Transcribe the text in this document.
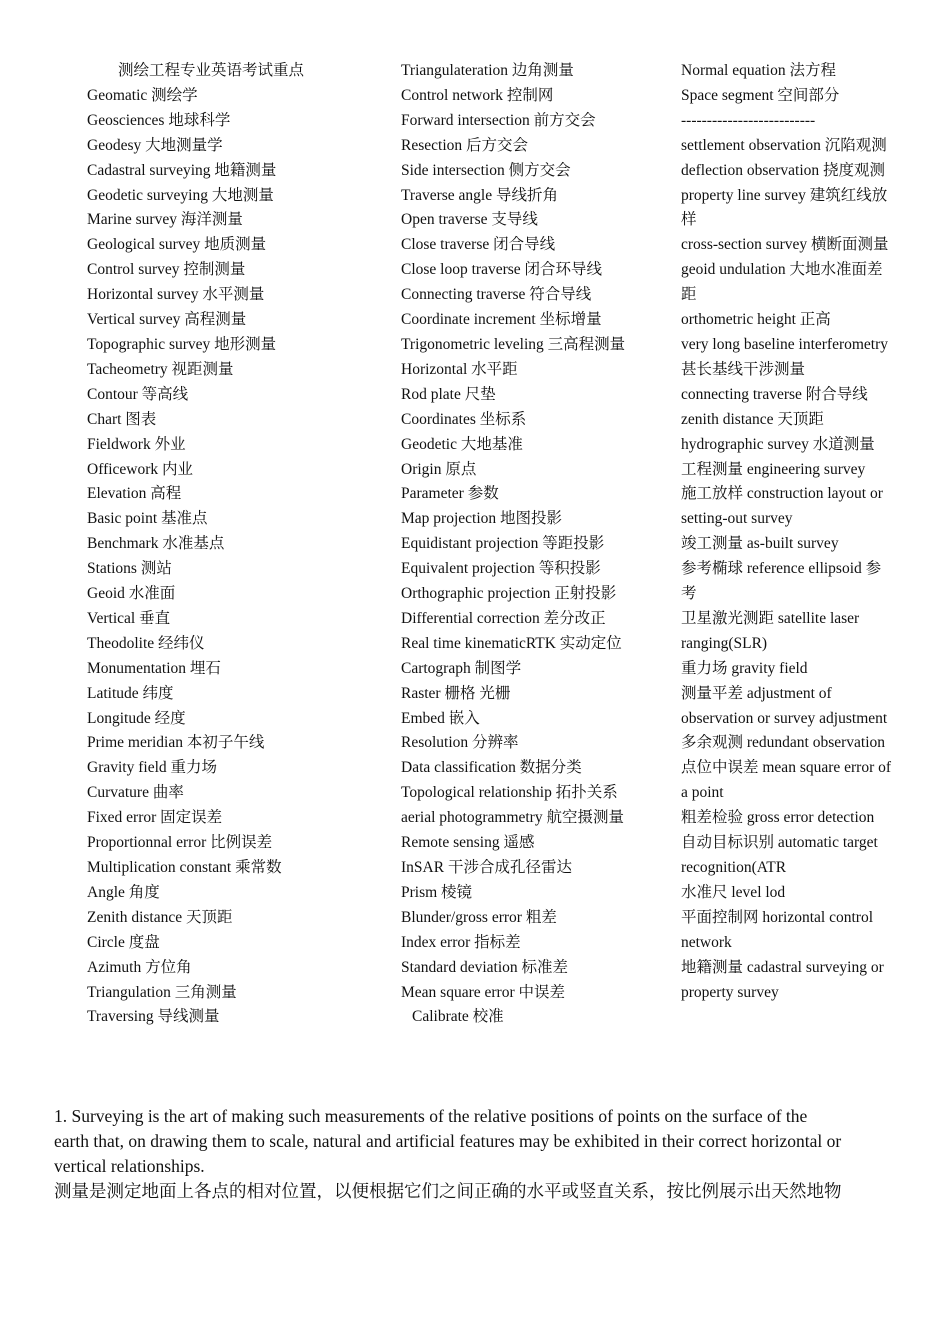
测绘工程专业英语考试重点
Geomatic 测绘学
Geosciences 地球科学
Geodesy 大地测量学
Cadastral surveying 地籍测量
Geodetic surveying 大地测量
Marine survey 海洋测量
Geological survey 地质测量
Control survey 控制测量
Horizontal survey 水平测量
Vertical survey 高程测量
Topographic survey 地形测量
Tacheometry 视距测量
Contour 等高线
Chart 图表
Fieldwork 外业
Officework 内业
Elevation 高程
Basic point 基准点
Benchmark 水准基点
Stations 测站
Geoid 水准面
Vertical 垂直
Theodolite 经纬仪
Monumentation 埋石
Latitude 纬度
Longitude 经度
Prime meridian 本初子午线
Gravity field 重力场
Curvature 曲率
Fixed error 固定误差
Proportionnal error 比例误差
Multiplication constant 乘常数
Angle 角度
Zenith distance 天顶距
Circle 度盘
Azimuth 方位角
Triangulation 三角测量
Traversing 导线测量
Triangulateration 边角测量
Control network 控制网
Forward intersection 前方交会
Resection 后方交会
Side intersection 侧方交会
Traverse angle 导线折角
Open traverse 支导线
Close traverse 闭合导线
Close loop traverse 闭合环导线
Connecting traverse 符合导线
Coordinate increment 坐标增量
Trigonometric leveling 三高程测量
Horizontal 水平距
Rod plate 尺垫
Coordinates 坐标系
Geodetic 大地基准
Origin 原点
Parameter 参数
Map projection 地图投影
Equidistant projection 等距投影
Equivalent projection 等积投影
Orthographic projection 正射投影
Differential correction 差分改正
Real time kinematicRTK 实动定位
Cartograph 制图学
Raster 栅格 光栅
Embed 嵌入
Resolution 分辨率
Data classification 数据分类
Topological relationship 拓扑关系
aerial photogrammetry 航空摄测量
Remote sensing 遥感
InSAR 干涉合成孔径雷达
Prism 棱镜
Blunder/gross error 粗差
Index error 指标差
Standard deviation 标准差
Mean square error 中误差
Calibrate 校准
Normal equation 法方程
Space segment 空间部分
--------------------------
settlement observation 沉陷观测
deflection observation 挠度观测
property line survey 建筑红线放
样
cross-section survey 横断面测量
geoid undulation 大地水准面差
距
orthometric height 正高
very long baseline interferometry
甚长基线干涉测量
connecting traverse 附合导线
zenith distance 天顶距
hydrographic survey 水道测量
工程测量 engineering survey
施工放样 construction layout or
setting-out survey
竣工测量 as-built survey
参考椭球 reference ellipsoid 参
考
卫星激光测距 satellite laser
ranging(SLR)
重力场 gravity field
测量平差 adjustment of
observation or survey adjustment
多余观测 redundant observation
点位中误差 mean square error of
a point
粗差检验 gross error detection
自动目标识别 automatic target
recognition(ATR
水准尺 level lod
平面控制网 horizontal control
network
地籍测量 cadastral surveying or
property survey
1. Surveying is the art of making such measurements of the relative positions of points on the surface of the
earth that, on drawing them to scale, natural and artificial features may be exhibited in their correct horizontal or
vertical relationships.
测量是测定地面上各点的相对位置，以便根据它们之间正确的水平或竖直关系，按比例展示出天然地物
